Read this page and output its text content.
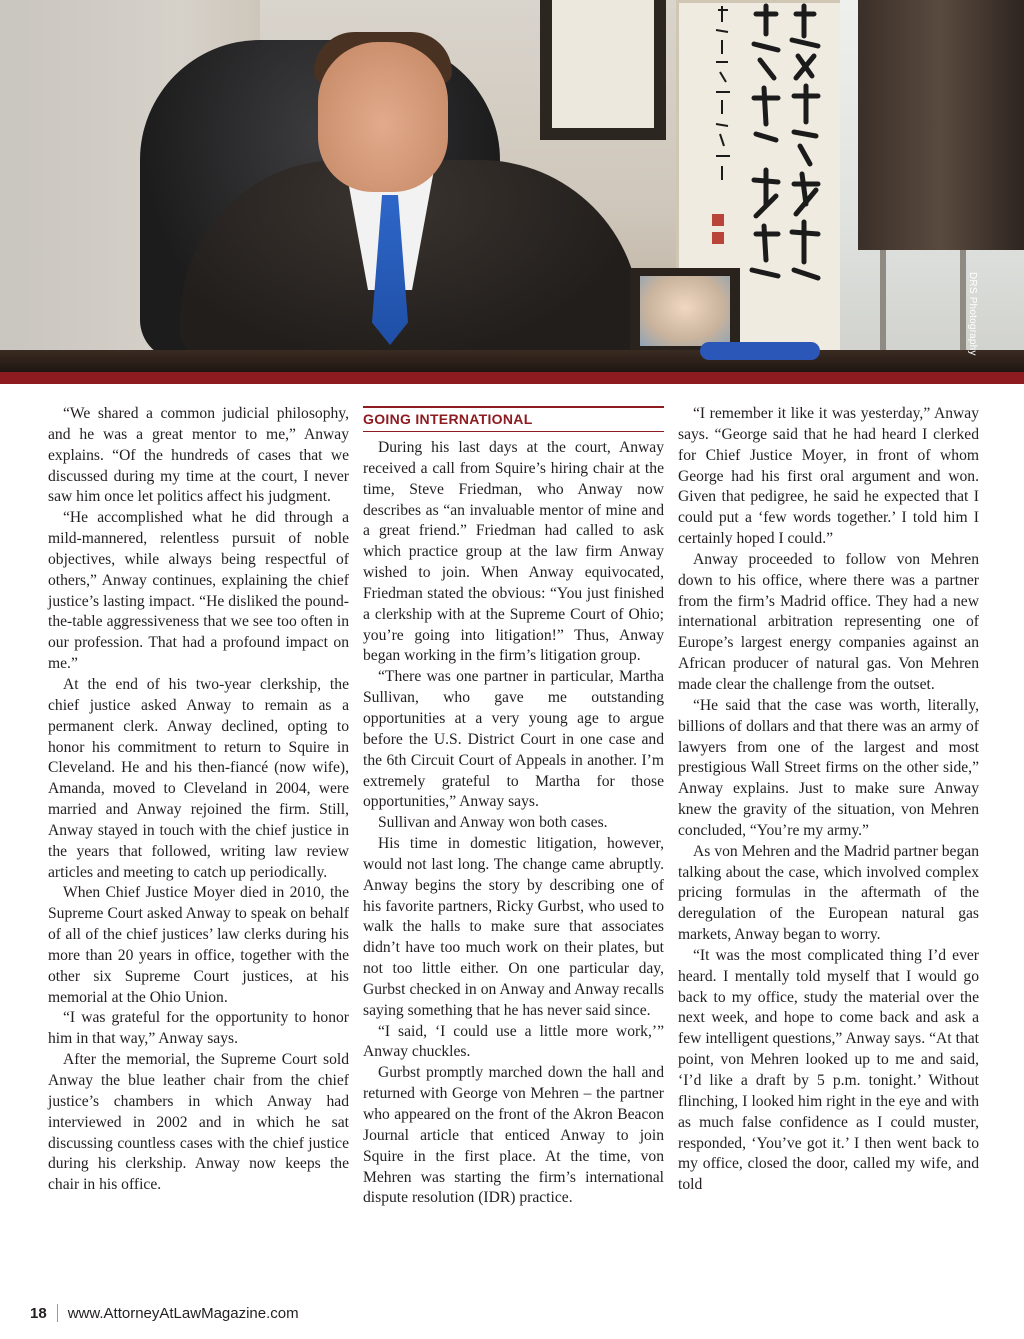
DRS Photography

“We shared a common judicial philosophy, and he was a great mentor to me,” Anway explains. “Of the hundreds of cases that we discussed during my time at the court, I never saw him once let politics affect his judgment.

“He accomplished what he did through a mild-mannered, relentless pursuit of noble objectives, while always being respectful of others,” Anway continues, explaining the chief justice’s lasting impact. “He disliked the pound-the-table aggressiveness that we see too often in our profession. That had a profound impact on me.”

At the end of his two-year clerkship, the chief justice asked Anway to remain as a permanent clerk. Anway declined, opting to honor his commitment to return to Squire in Cleveland. He and his then-fiancé (now wife), Amanda, moved to Cleveland in 2004, were married and Anway rejoined the firm. Still, Anway stayed in touch with the chief justice in the years that followed, writing law review articles and meeting to catch up periodically.

When Chief Justice Moyer died in 2010, the Supreme Court asked Anway to speak on behalf of all of the chief justices’ law clerks during his more than 20 years in office, together with the other six Supreme Court justices, at his memorial at the Ohio Union.

“I was grateful for the opportunity to honor him in that way,” Anway says.

After the memorial, the Supreme Court sold Anway the blue leather chair from the chief justice’s chambers in which Anway had interviewed in 2002 and in which he sat discussing countless cases with the chief justice during his clerkship. Anway now keeps the chair in his office.

GOING INTERNATIONAL

During his last days at the court, Anway received a call from Squire’s hiring chair at the time, Steve Friedman, who Anway now describes as “an invaluable mentor of mine and a great friend.” Friedman had called to ask which practice group at the law firm Anway wished to join. When Anway equivocated, Friedman stated the obvious: “You just finished a clerkship with at the Supreme Court of Ohio; you’re going into litigation!” Thus, Anway began working in the firm’s litigation group.

“There was one partner in particular, Martha Sullivan, who gave me outstanding opportunities at a very young age to argue before the U.S. District Court in one case and the 6th Circuit Court of Appeals in another. I’m extremely grateful to Martha for those opportunities,” Anway says.

Sullivan and Anway won both cases.

His time in domestic litigation, however, would not last long. The change came abruptly. Anway begins the story by describing one of his favorite partners, Ricky Gurbst, who used to walk the halls to make sure that associates didn’t have too much work on their plates, but not too little either. On one particular day, Gurbst checked in on Anway and Anway recalls saying something that he has never said since.

“I said, ‘I could use a little more work,’” Anway chuckles.

Gurbst promptly marched down the hall and returned with George von Mehren – the partner who appeared on the front of the Akron Beacon Journal article that enticed Anway to join Squire in the first place. At the time, von Mehren was starting the firm’s international dispute resolution (IDR) practice.

“I remember it like it was yesterday,” Anway says. “George said that he had heard I clerked for Chief Justice Moyer, in front of whom George had his first oral argument and won. Given that pedigree, he said he expected that I could put a ‘few words together.’ I told him I certainly hoped I could.”

Anway proceeded to follow von Mehren down to his office, where there was a partner from the firm’s Madrid office. They had a new international arbitration representing one of Europe’s largest energy companies against an African producer of natural gas. Von Mehren made clear the challenge from the outset.

“He said that the case was worth, literally, billions of dollars and that there was an army of lawyers from one of the largest and most prestigious Wall Street firms on the other side,” Anway explains. Just to make sure Anway knew the gravity of the situation, von Mehren concluded, “You’re my army.”

As von Mehren and the Madrid partner began talking about the case, which involved complex pricing formulas in the aftermath of the deregulation of the European natural gas markets, Anway began to worry.

“It was the most complicated thing I’d ever heard. I mentally told myself that I would go back to my office, study the material over the next week, and hope to come back and ask a few intelligent questions,” Anway says. “At that point, von Mehren looked up to me and said, ‘I’d like a draft by 5 p.m. tonight.’ Without flinching, I looked him right in the eye and with as much false confidence as I could muster, responded, ‘You’ve got it.’ I then went back to my office, closed the door, called my wife, and told

18 www.AttorneyAtLawMagazine.com
